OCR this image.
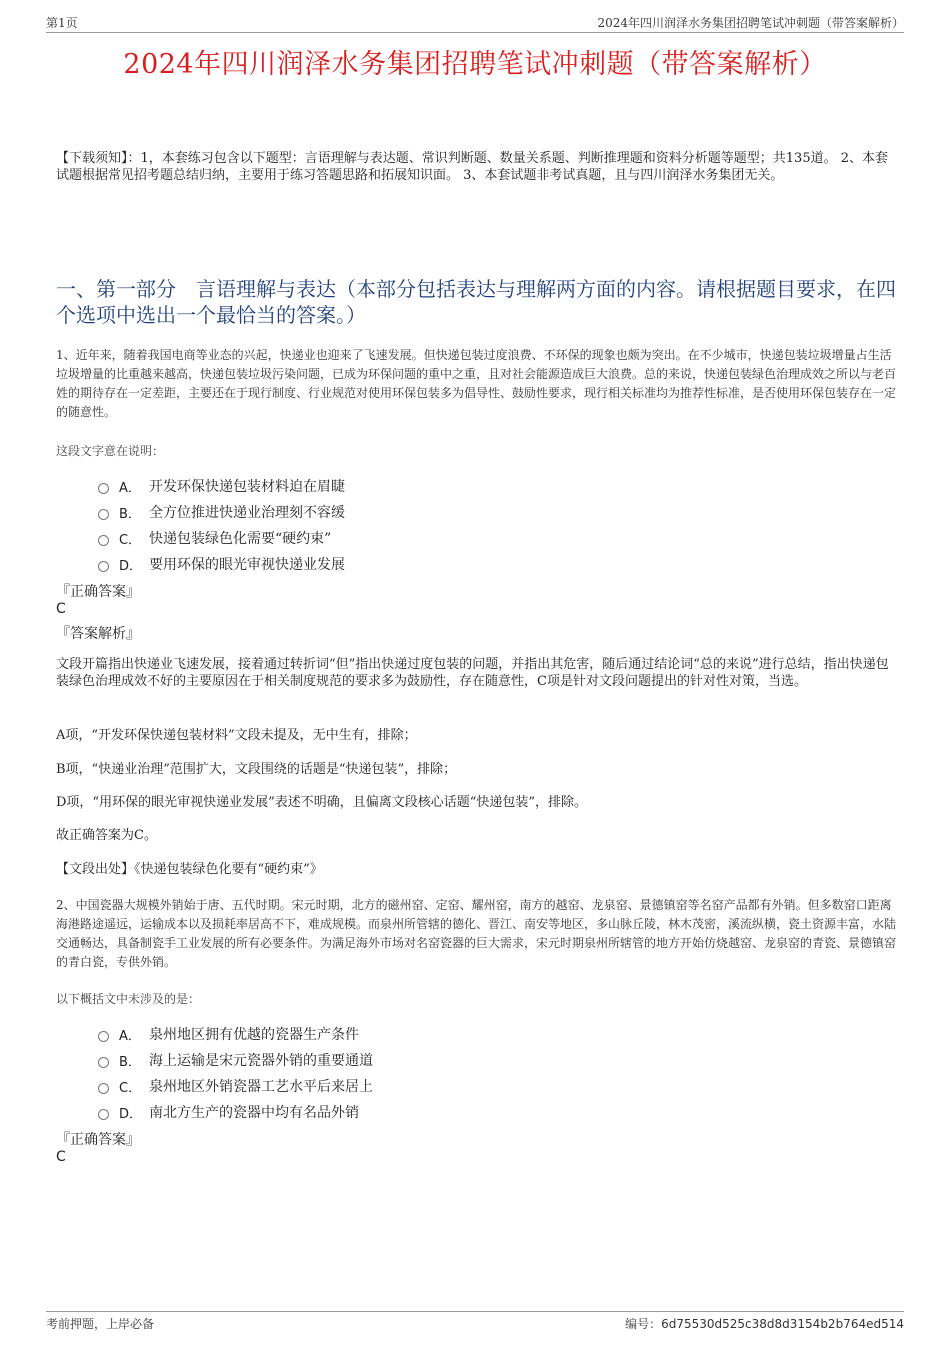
第1页	2024年四川润泽水务集团招聘笔试冲刺题（带答案解析）
2024年四川润泽水务集团招聘笔试冲刺题（带答案解析）
【下载须知】：1，本套练习包含以下题型：言语理解与表达题、常识判断题、数量关系题、判断推理题和资料分析题等题型；共135道。 2、本套试题根据常见招考题总结归纳，主要用于练习答题思路和拓展知识面。 3、本套试题非考试真题，且与四川润泽水务集团无关。
一、第一部分　言语理解与表达（本部分包括表达与理解两方面的内容。请根据题目要求，在四个选项中选出一个最恰当的答案。）
1、近年来，随着我国电商等业态的兴起，快递业也迎来了飞速发展。但快递包装过度浪费、不环保的现象也颇为突出。在不少城市，快递包装垃圾增量占生活垃圾增量的比重越来越高，快递包装垃圾污染问题，已成为环保问题的重中之重，且对社会能源造成巨大浪费。总的来说，快递包装绿色治理成效之所以与老百姓的期待存在一定差距，主要还在于现行制度、行业规范对使用环保包装多为倡导性、鼓励性要求，现行相关标准均为推荐性标准，是否使用环保包装存在一定的随意性。
这段文字意在说明：
A． 开发环保快递包装材料迫在眉睫
B． 全方位推进快递业治理刻不容缓
C． 快递包装绿色化需要“硬约束”
D． 要用环保的眼光审视快递业发展
『正确答案』
C
『答案解析』
文段开篇指出快递业飞速发展，接着通过转折词“但”指出快递过度包装的问题，并指出其危害，随后通过结论词“总的来说”进行总结，指出快递包装绿色治理成效不好的主要原因在于相关制度规范的要求多为鼓励性，存在随意性，C项是针对文段问题提出的针对性对策，当选。
A项，“开发环保快递包装材料”文段未提及，无中生有，排除；
B项，“快递业治理”范围扩大，文段围绕的话题是“快递包装”，排除；
D项，“用环保的眼光审视快递业发展”表述不明确，且偏离文段核心话题“快递包装”，排除。
故正确答案为C。
【文段出处】《快递包装绿色化要有“硬约束”》
2、中国瓷器大规模外销始于唐、五代时期。宋元时期，北方的磁州窑、定窑、耀州窑，南方的越窑、龙泉窑、景德镇窑等名窑产品都有外销。但多数窑口距离海港路途遥远，运输成本以及损耗率居高不下，难成规模。而泉州所管辖的德化、晋江、南安等地区，多山脉丘陵，林木茂密，溪流纵横，瓷土资源丰富，水陆交通畅达，具备制瓷手工业发展的所有必要条件。为满足海外市场对名窑瓷器的巨大需求，宋元时期泉州所辖管的地方开始仿烧越窑、龙泉窑的青瓷、景德镇窑的青白瓷，专供外销。
以下概括文中未涉及的是：
A． 泉州地区拥有优越的瓷器生产条件
B． 海上运输是宋元瓷器外销的重要通道
C． 泉州地区外销瓷器工艺水平后来居上
D． 南北方生产的瓷器中均有名品外销
『正确答案』
C
考前押题，上岸必备	编号：6d75530d525c38d8d3154b2b764ed514
